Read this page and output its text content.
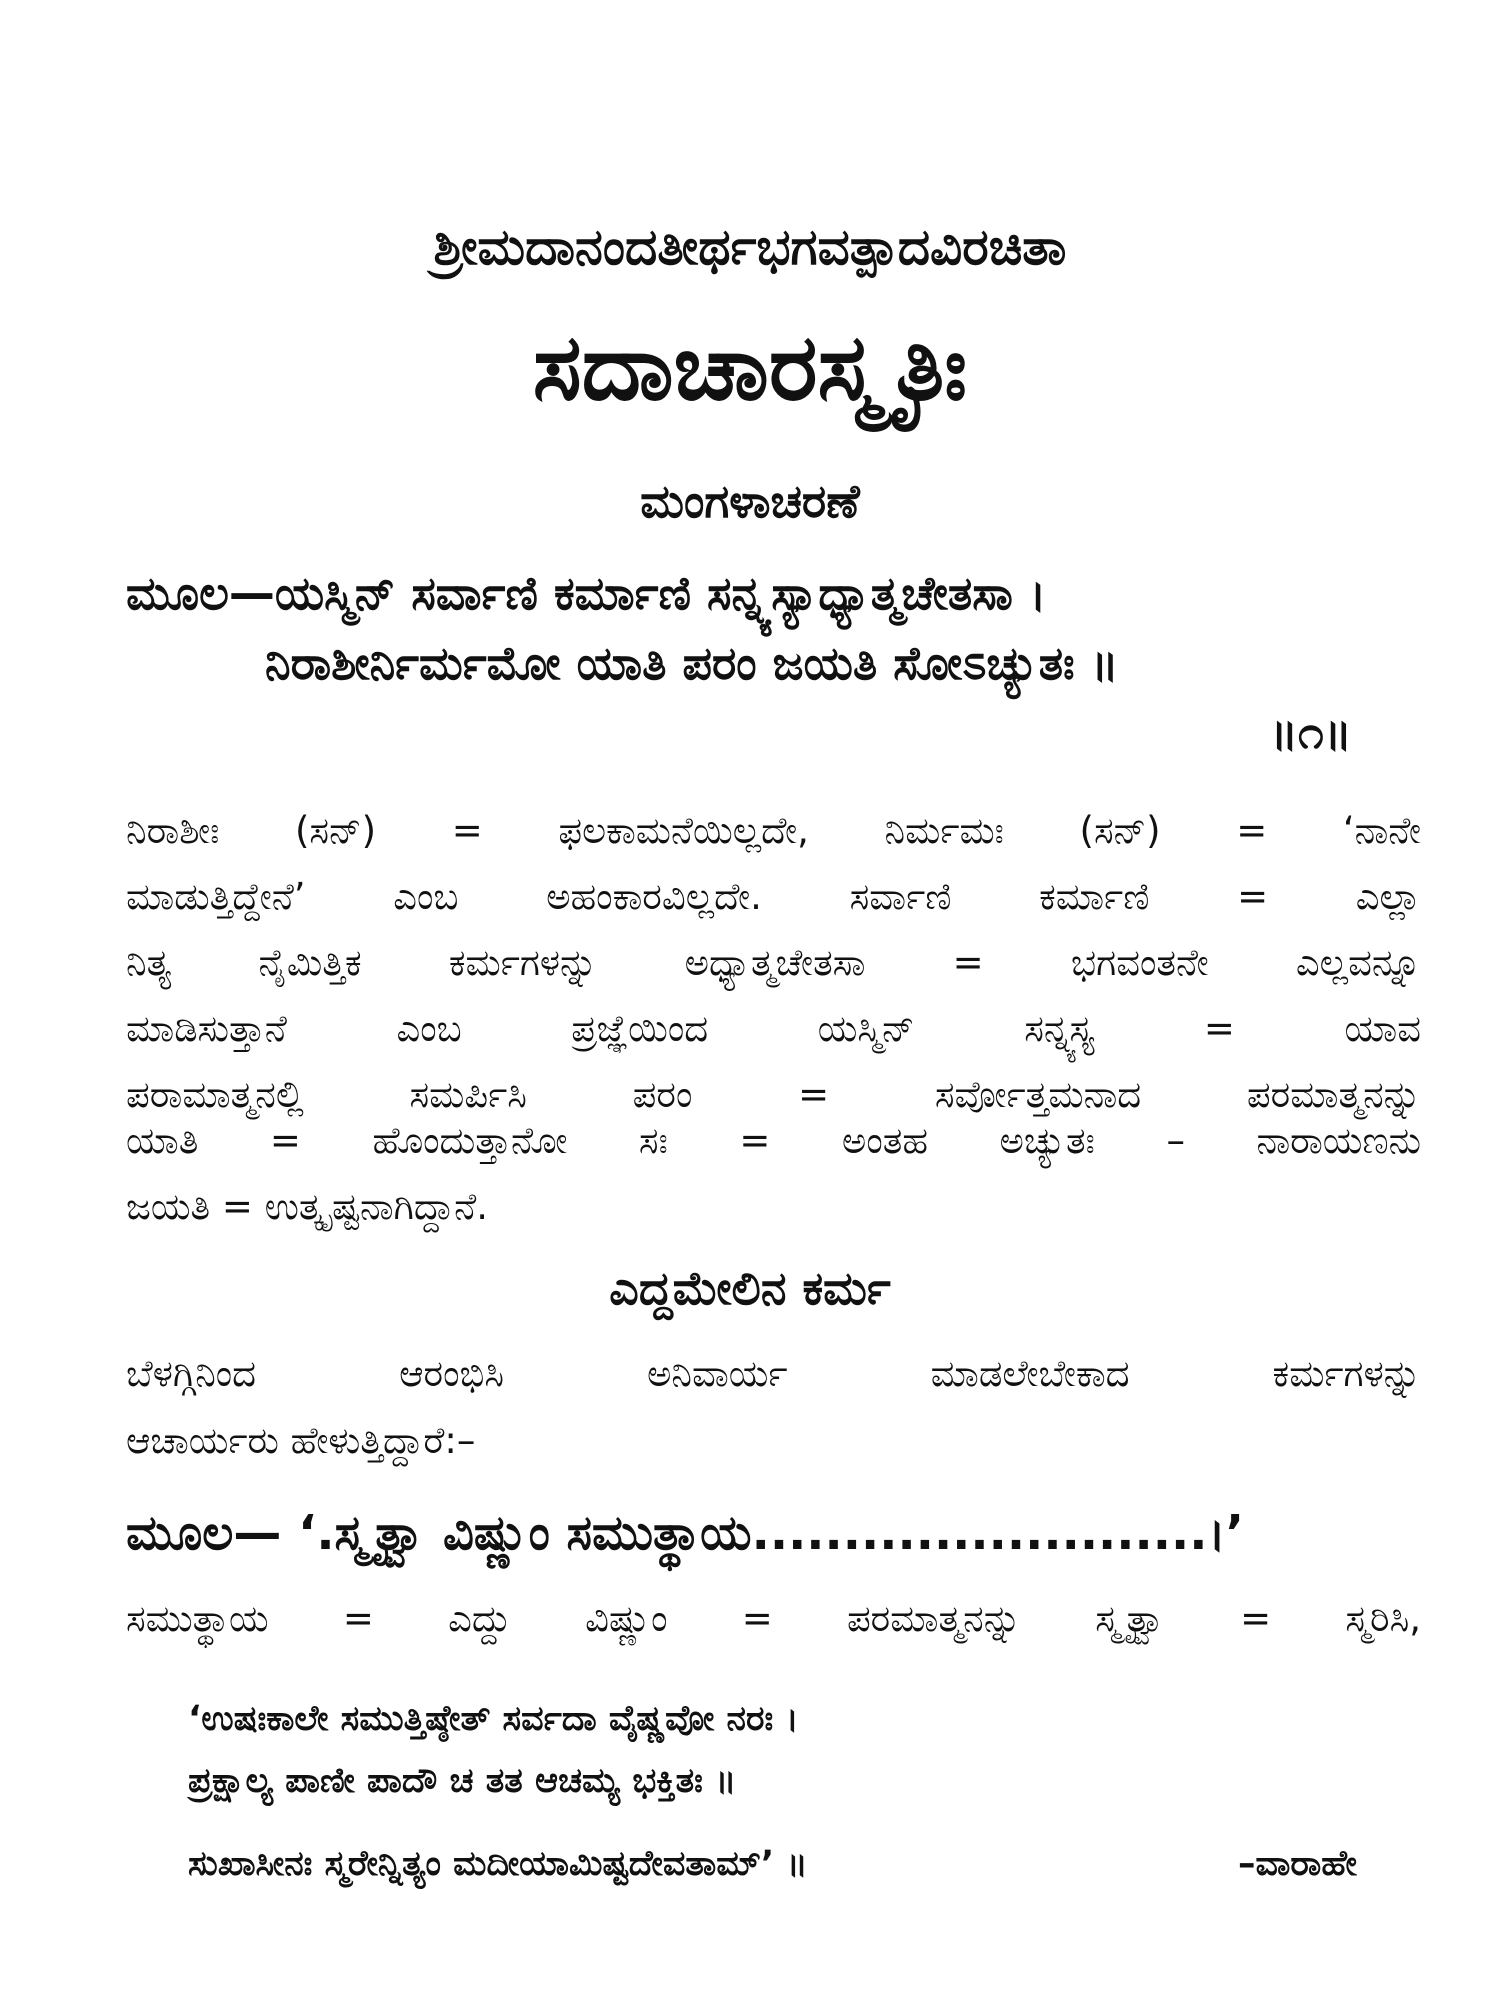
ಶ್ರೀಮದಾನಂದತೀರ್ಥಭಗವತ್ಪಾದವಿರಚಿತಾ
ಸದಾಚಾರಸ್ಮೃತಿಃ
ಮಂಗಳಾಚರಣೆ
ಮೂಲ—ಯಸ್ಮಿನ್ ಸರ್ವಾಣಿ ಕರ್ಮಾಣಿ ಸನ್ನ್ಯಸ್ಯಾಧ್ಯಾತ್ಮಚೇತಸಾ ।
ನಿರಾಶೀರ್ನಿರ್ಮಮೋ ಯಾತಿ ಪರಂ ಜಯತಿ ಸೋಽಚ್ಯುತಃ ॥
॥೧॥
ನಿರಾಶೀಃ (ಸನ್) = ಫಲಕಾಮನೆಯಿಲ್ಲದೇ, ನಿರ್ಮಮಃ (ಸನ್) = ‘ನಾನೇ
ಮಾಡುತ್ತಿದ್ದೇನೆ’ ಎಂಬ ಅಹಂಕಾರವಿಲ್ಲದೇ. ಸರ್ವಾಣಿ ಕರ್ಮಾಣಿ = ಎಲ್ಲಾ
ನಿತ್ಯ ನೈಮಿತ್ತಿಕ ಕರ್ಮಗಳನ್ನು ಅಧ್ಯಾತ್ಮಚೇತಸಾ = ಭಗವಂತನೇ ಎಲ್ಲವನ್ನೂ
ಮಾಡಿಸುತ್ತಾನೆ ಎಂಬ ಪ್ರಜ್ಞೆಯಿಂದ ಯಸ್ಮಿನ್ ಸನ್ನ್ಯಸ್ಯ = ಯಾವ
ಪರಾಮಾತ್ಮನಲ್ಲಿ ಸಮರ್ಪಿಸಿ ಪರಂ = ಸರ್ವೋತ್ತಮನಾದ ಪರಮಾತ್ಮನನ್ನು
ಯಾತಿ = ಹೊಂದುತ್ತಾನೋ ಸಃ = ಅಂತಹ ಅಚ್ಯುತಃ – ನಾರಾಯಣನು
ಜಯತಿ = ಉತ್ಕೃಷ್ಟನಾಗಿದ್ದಾನೆ.
ಎದ್ದಮೇಲಿನ ಕರ್ಮ
ಬೆಳಗ್ಗಿನಿಂದ ಆರಂಭಿಸಿ ಅನಿವಾರ್ಯ ಮಾಡಲೇಬೇಕಾದ ಕರ್ಮಗಳನ್ನು
ಆಚಾರ್ಯರು ಹೇಳುತ್ತಿದ್ದಾರೆ:–
ಮೂಲ— ‘.ಸ್ಮೃತ್ವಾ ವಿಷ್ಣುಂ ಸಮುತ್ಥಾಯ.........................।’
ಸಮುತ್ಥಾಯ = ಎದ್ದು ವಿಷ್ಣುಂ = ಪರಮಾತ್ಮನನ್ನು ಸ್ಮೃತ್ವಾ = ಸ್ಮರಿಸಿ,
‘ಉಷಃಕಾಲೇ ಸಮುತ್ತಿಷ್ಠೇತ್ ಸರ್ವದಾ ವೈಷ್ಣವೋ ನರಃ ।
ಪ್ರಕ್ಷಾಲ್ಯ ಪಾಣೀ ಪಾದೌ ಚ ತತ ಆಚಮ್ಯ ಭಕ್ತಿತಃ ॥
ಸುಖಾಸೀನಃ ಸ್ಮರೇನ್ನಿತ್ಯಂ ಮದೀಯಾಮಿಷ್ಟದೇವತಾಮ್’ ॥	–ವಾರಾಹೇ
